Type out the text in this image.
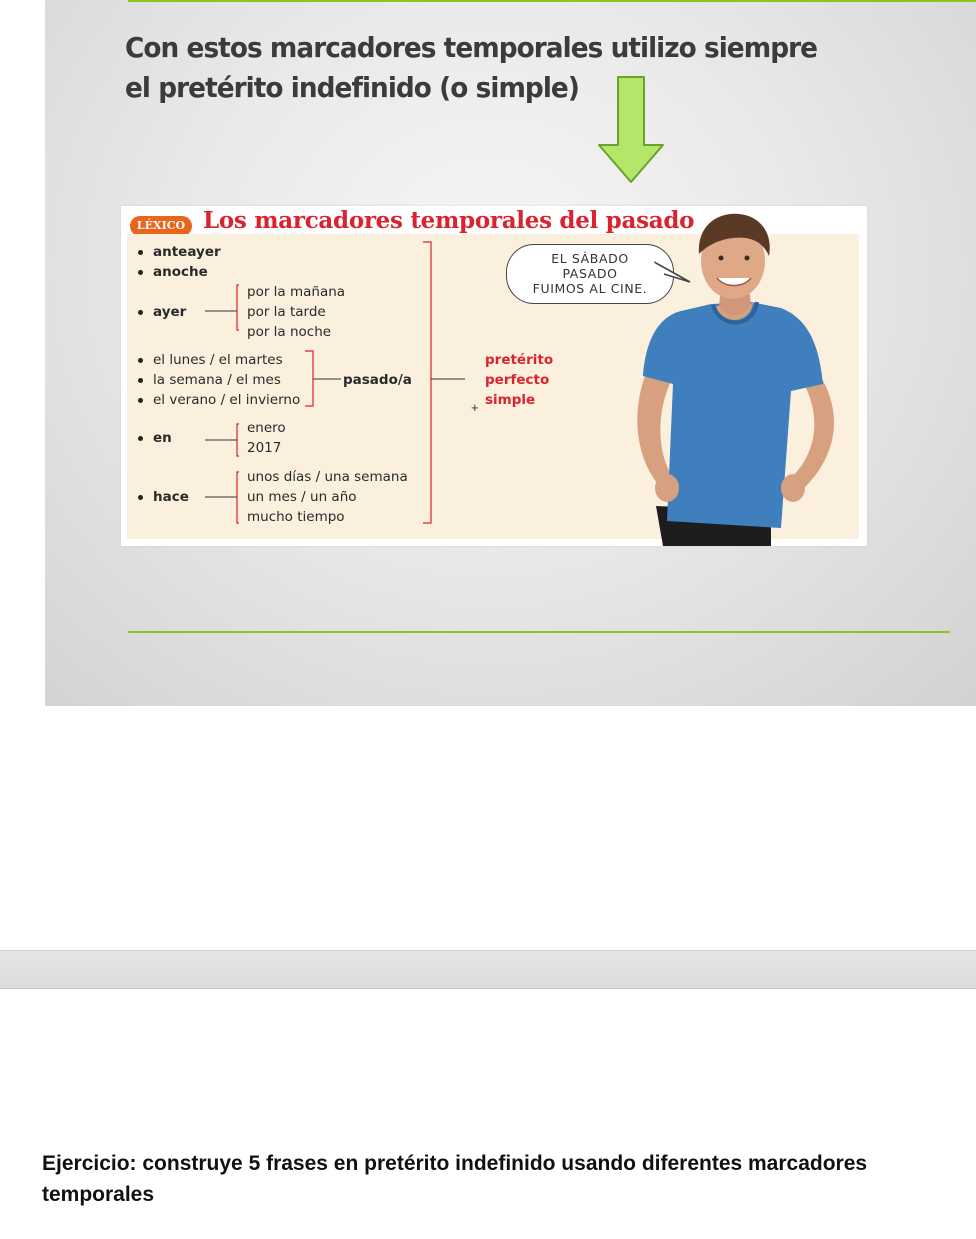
Con estos marcadores temporales utilizo siempre el pretérito indefinido (o simple)
LÉXICO Los marcadores temporales del pasado
anteayer
anoche
ayer
por la mañana
por la tarde
por la noche
el lunes / el martes
la semana / el mes
el verano / el invierno
pasado/a
+
pretérito
perfecto
simple
en
enero
2017
hace
unos días / una semana
un mes / un año
mucho tiempo
EL SÁBADO
PASADO
FUIMOS AL CINE.

Ejercicio: construye 5 frases en pretérito indefinido usando diferentes marcadores
temporales
